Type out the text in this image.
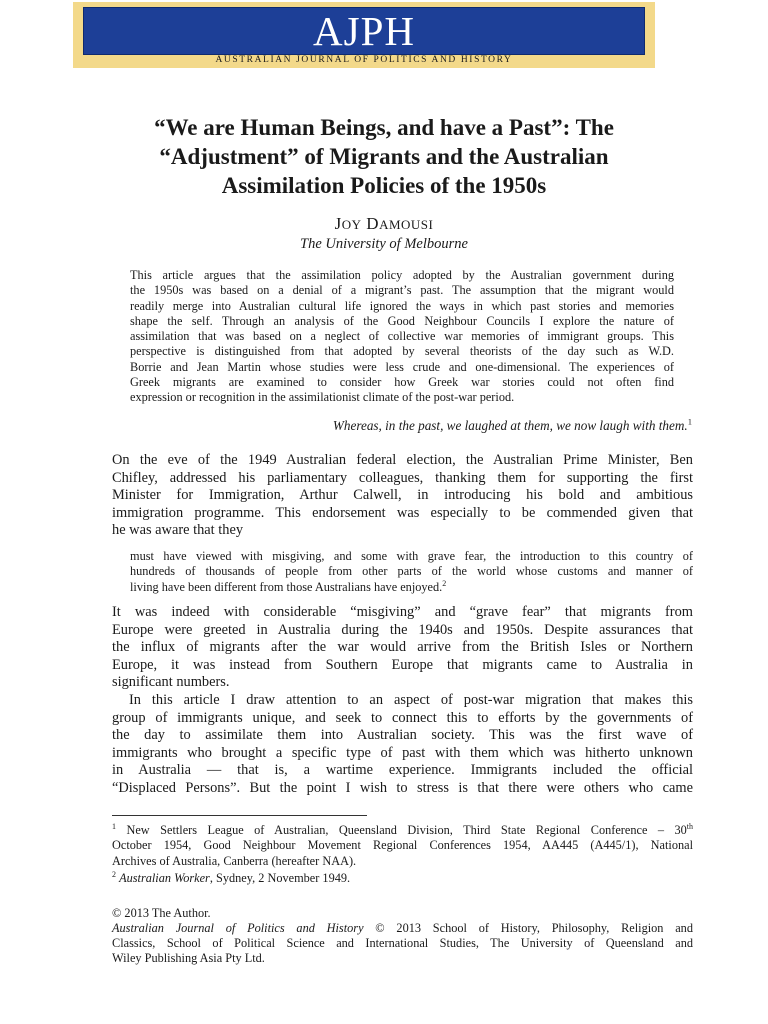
AJPH
AUSTRALIAN JOURNAL OF POLITICS AND HISTORY
“We are Human Beings, and have a Past”: The
“Adjustment” of Migrants and the Australian
Assimilation Policies of the 1950s
JOY DAMOUSI
The University of Melbourne
This article argues that the assimilation policy adopted by the Australian government during
the 1950s was based on a denial of a migrant’s past. The assumption that the migrant would
readily merge into Australian cultural life ignored the ways in which past stories and memories
shape the self. Through an analysis of the Good Neighbour Councils I explore the nature of
assimilation that was based on a neglect of collective war memories of immigrant groups. This
perspective is distinguished from that adopted by several theorists of the day such as W.D.
Borrie and Jean Martin whose studies were less crude and one-dimensional. The experiences of
Greek migrants are examined to consider how Greek war stories could not often find
expression or recognition in the assimilationist climate of the post-war period.
Whereas, in the past, we laughed at them, we now laugh with them.$^1$
On the eve of the 1949 Australian federal election, the Australian Prime Minister, Ben
Chifley, addressed his parliamentary colleagues, thanking them for supporting the first
Minister for Immigration, Arthur Calwell, in introducing his bold and ambitious
immigration programme. This endorsement was especially to be commended given that
he was aware that they
must have viewed with misgiving, and some with grave fear, the introduction to this country of
hundreds of thousands of people from other parts of the world whose customs and manner of
living have been different from those Australians have enjoyed.$^2$
It was indeed with considerable “misgiving” and “grave fear” that migrants from
Europe were greeted in Australia during the 1940s and 1950s. Despite assurances that
the influx of migrants after the war would arrive from the British Isles or Northern
Europe, it was instead from Southern Europe that migrants came to Australia in
significant numbers.
In this article I draw attention to an aspect of post-war migration that makes this
group of immigrants unique, and seek to connect this to efforts by the governments of
the day to assimilate them into Australian society. This was the first wave of
immigrants who brought a specific type of past with them which was hitherto unknown
in Australia — that is, a wartime experience. Immigrants included the official
“Displaced Persons”. But the point I wish to stress is that there were others who came
$^1$ New Settlers League of Australian, Queensland Division, Third State Regional Conference – 30th
October 1954, Good Neighbour Movement Regional Conferences 1954, AA445 (A445/1), National
Archives of Australia, Canberra (hereafter NAA).
$^2$ Australian Worker, Sydney, 2 November 1949.
© 2013 The Author.
Australian Journal of Politics and History © 2013 School of History, Philosophy, Religion and
Classics, School of Political Science and International Studies, The University of Queensland and
Wiley Publishing Asia Pty Ltd.
